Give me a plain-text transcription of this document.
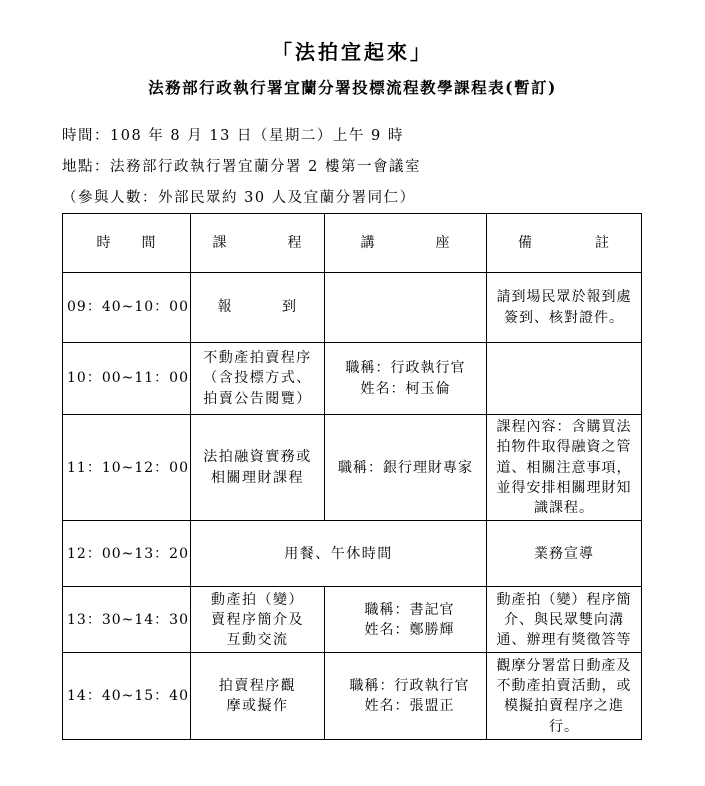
「法拍宜起來」
法務部行政執行署宜蘭分署投標流程教學課程表(暫訂)
時間：108 年 8 月 13 日（星期二）上午 9 時
地點：法務部行政執行署宜蘭分署 2 樓第一會議室
（參與人數：外部民眾約 30 人及宜蘭分署同仁）
時 間	課 程	講 座	備 註

09：40~10：00	報 到		請到場民眾於報到處簽到、核對證件。
10：00~11：00	不動產拍賣程序
（含投標方式、
拍賣公告閱覽）	職稱：行政執行官
姓名：柯玉倫	

11：10~12：00	法拍融資實務或
相關理財課程	職稱：銀行理財專家	課程內容：含購買法拍物件取得融資之管道、相關注意事項，並得安排相關理財知識課程。
12：00~13：20	用餐、午休時間		業務宣導
13：30~14：30	動產拍（變）
賣程序簡介及
互動交流	職稱：書記官
姓名：鄭勝輝	動產拍（變）程序簡介、與民眾雙向溝通、辦理有獎徵答等
14：40~15：40	拍賣程序觀
摩或擬作	職稱：行政執行官
姓名：張盟正	觀摩分署當日動產及不動產拍賣活動，或模擬拍賣程序之進行。
